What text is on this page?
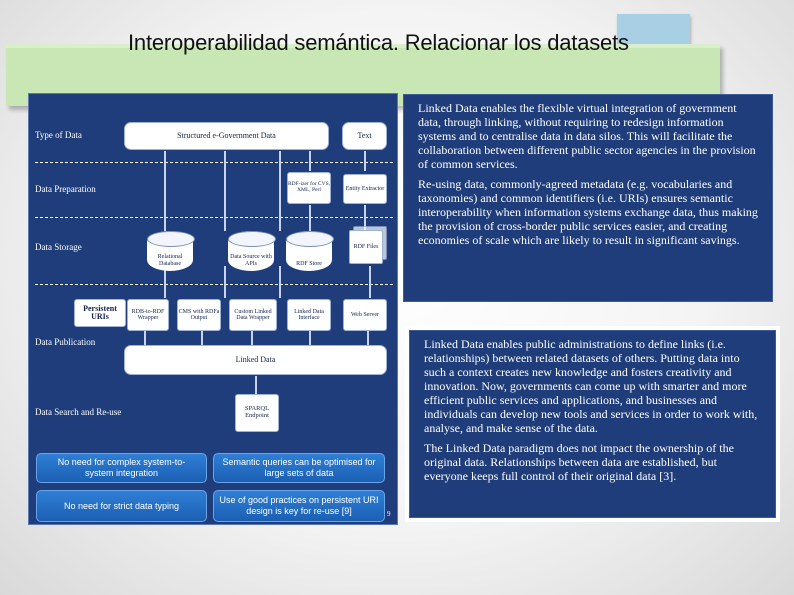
Interoperabilidad semántica. Relacionar los datasets
Type of Data
Data Preparation
Data Storage
Data Publication
Data Search and Re-use
Structured e-Government Data	Text
RDF-izer for CVS, XML, Perl	Entity Extractor
Relational Database
Data Source with APIs	RDF Store
RDF Files
Persistent URIs
RDB-to-RDF Wrapper
CMS with RDFa Output
Custom Linked Data Wrapper
Linked Data Interface
Web Server
Linked Data
SPARQL Endpoint
No need for complex system-to-system integration
Semantic queries can be optimised for large sets of data
No need for strict data typing
Use of good practices on persistent URI design is key for re-use [9]	9

Linked Data enables the flexible virtual integration of government data, through linking, without requiring to redesign information systems and to centralise data in data silos. This will facilitate the collaboration between different public sector agencies in the provision of common services.

Re-using data, commonly-agreed metadata (e.g. vocabularies and taxonomies) and common identifiers (i.e. URIs) ensures semantic interoperability when information systems exchange data, thus making the provision of cross-border public services easier, and creating economies of scale which are likely to result in significant savings.

Linked Data enables public administrations to define links (i.e. relationships) between related datasets of others. Putting data into such a context creates new knowledge and fosters creativity and innovation. Now, governments can come up with smarter and more efficient public services and applications, and businesses and individuals can develop new tools and services in order to work with, analyse, and make sense of the data.

The Linked Data paradigm does not impact the ownership of the original data. Relationships between data are established, but everyone keeps full control of their original data [3].
